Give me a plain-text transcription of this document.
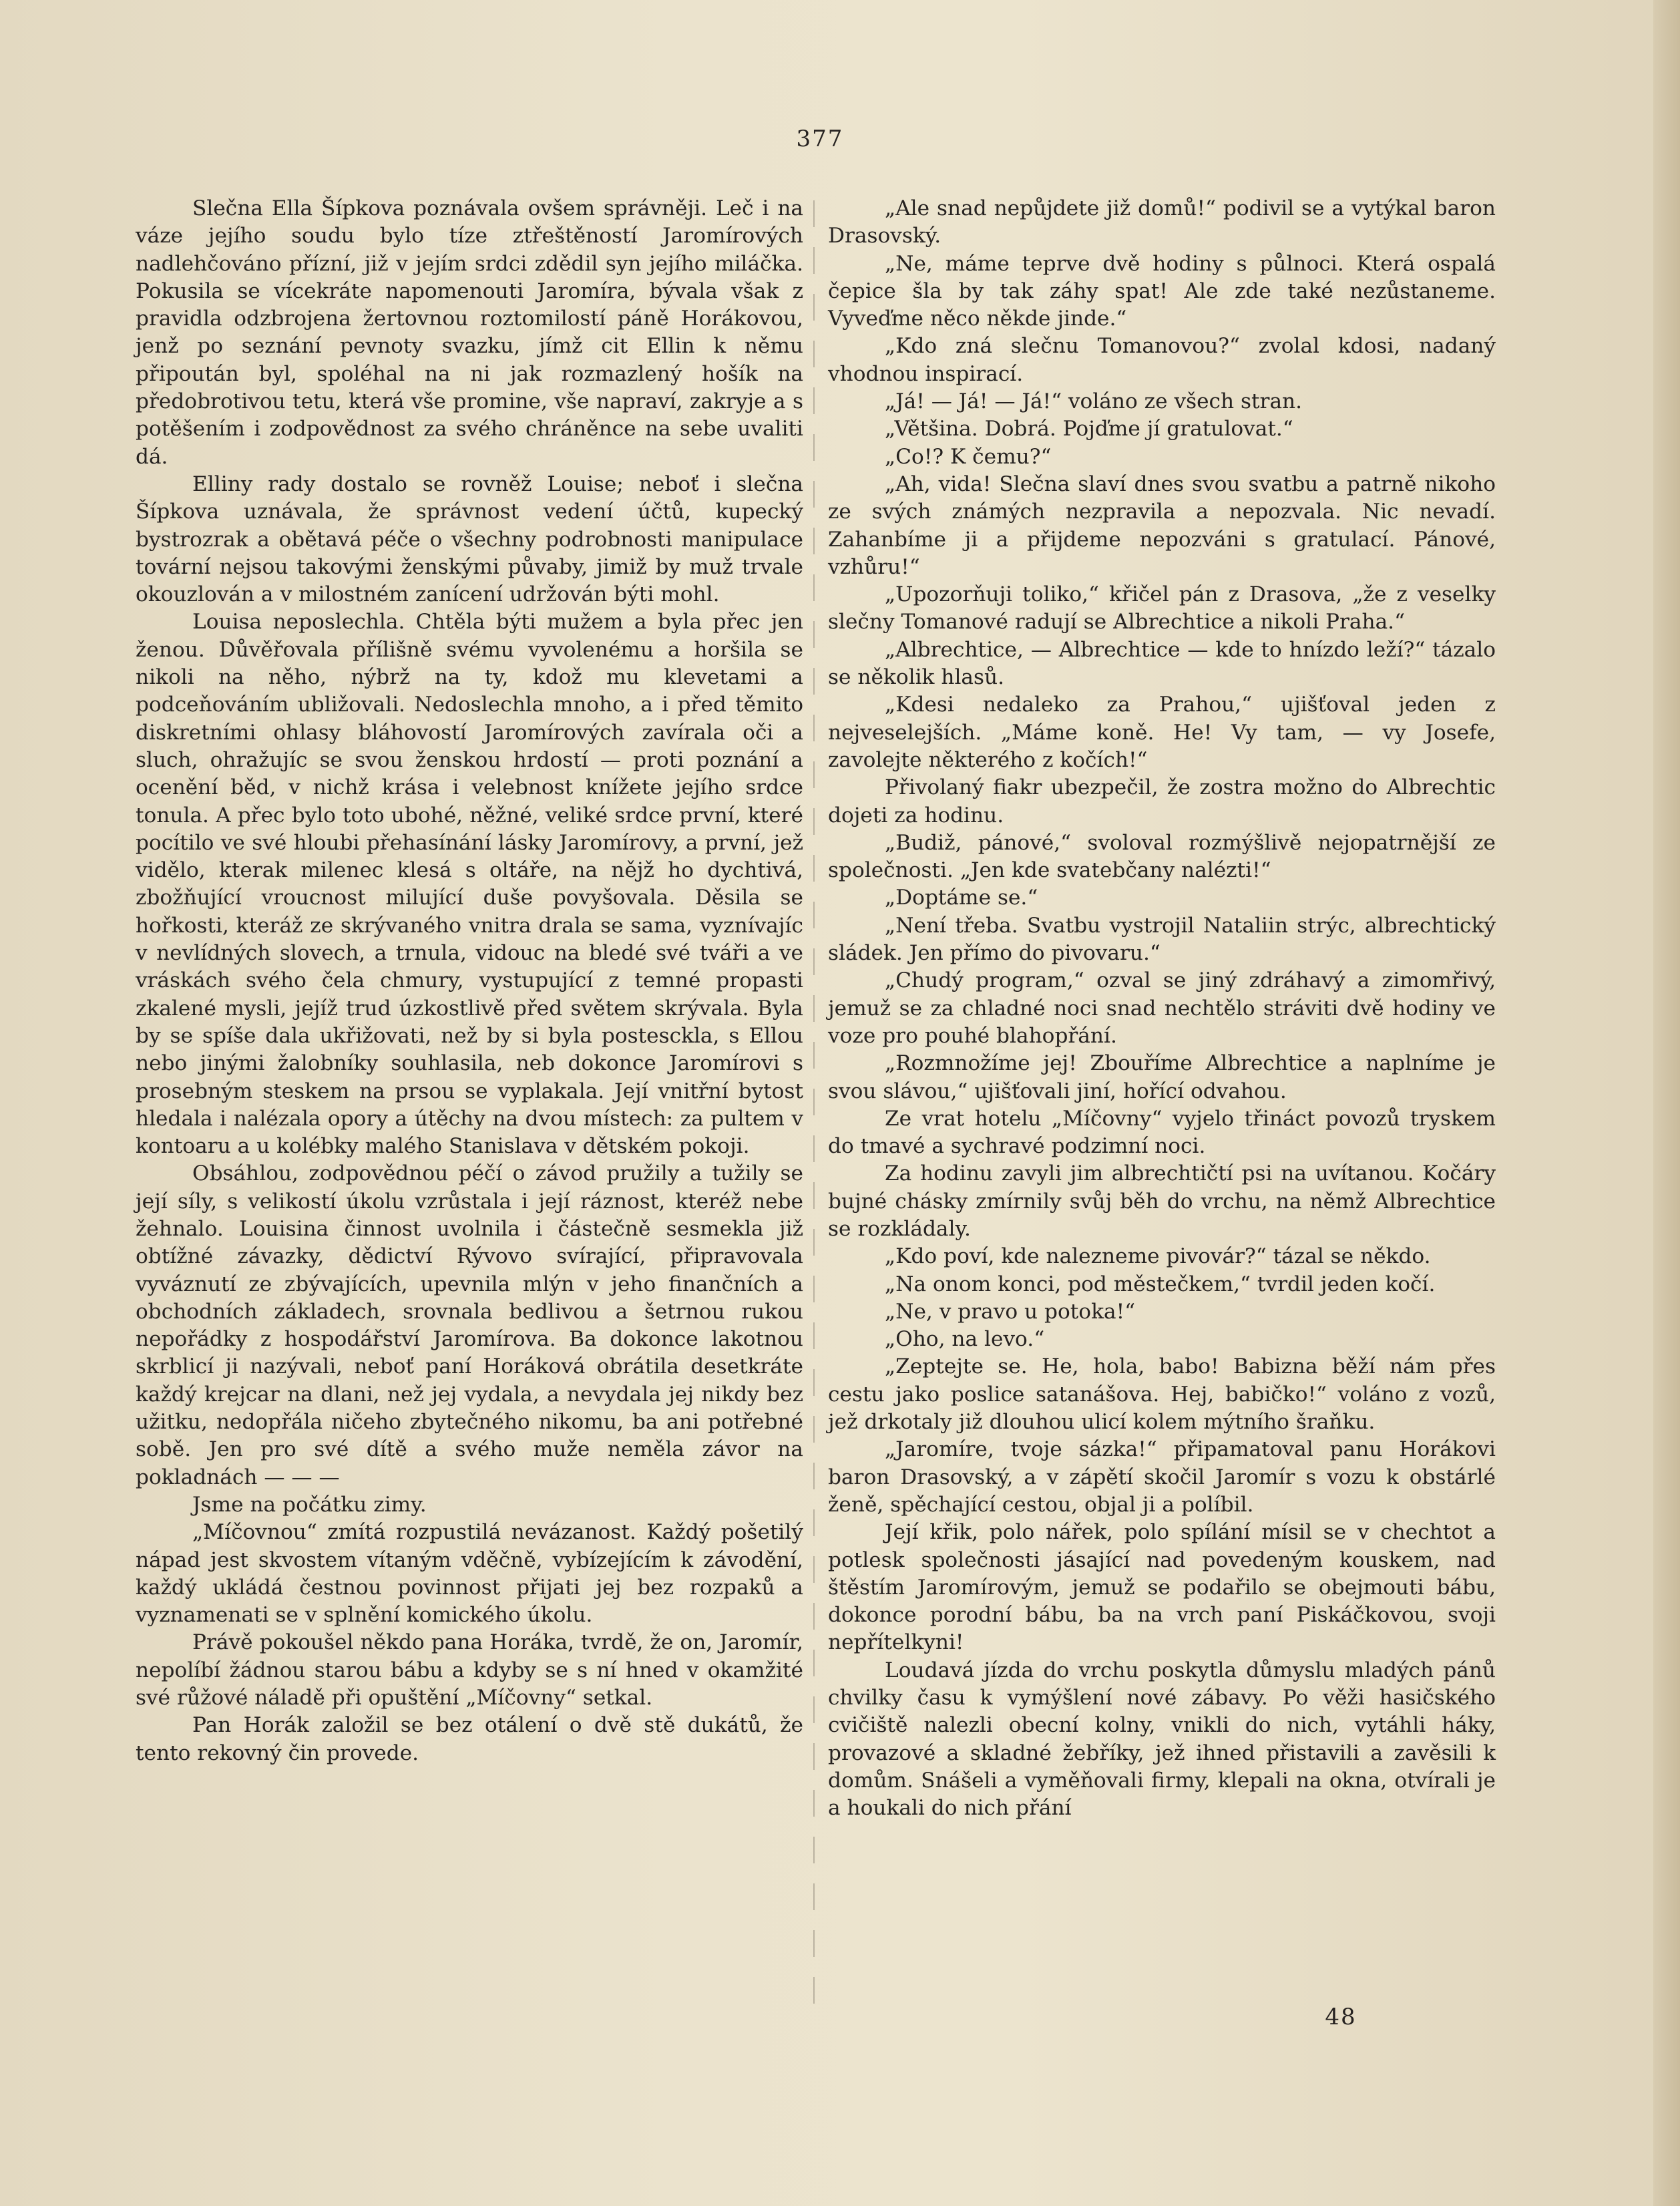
377

Slečna Ella Šípkova poznávala ovšem správněji. Leč i na váze jejího soudu bylo tíze ztřeštěností Jaromírových nadlehčováno přízní, již v jejím srdci zdědil syn jejího miláčka. Pokusila se vícekráte napomenouti Jaromíra, bývala však z pravidla odzbrojena žertovnou roztomilostí páně Horákovou, jenž po seznání pevnoty svazku, jímž cit Ellin k němu připoután byl, spoléhal na ni jak rozmazlený hošík na předobrotivou tetu, která vše promine, vše napraví, zakryje a s potěšením i zodpovědnost za svého chráněnce na sebe uvaliti dá.

Elliny rady dostalo se rovněž Louise; neboť i slečna Šípkova uznávala, že správnost vedení účtů, kupecký bystrozrak a obětavá péče o všechny podrobnosti manipulace tovární nejsou takovými ženskými půvaby, jimiž by muž trvale okouzlován a v milostném zanícení udržován býti mohl.

Louisa neposlechla. Chtěla býti mužem a byla přec jen ženou. Důvěřovala přílišně svému vyvolenému a horšila se nikoli na něho, nýbrž na ty, kdož mu klevetami a podceňováním ubližovali. Nedoslechla mnoho, a i před těmito diskretními ohlasy bláhovostí Jaromírových zavírala oči a sluch, ohražujíc se svou ženskou hrdostí — proti poznání a ocenění běd, v nichž krása i velebnost knížete jejího srdce tonula. A přec bylo toto ubohé, něžné, veliké srdce první, které pocítilo ve své hloubi přehasínání lásky Jaromírovy, a první, jež vidělo, kterak milenec klesá s oltáře, na nějž ho dychtivá, zbožňující vroucnost milující duše povyšovala. Děsila se hořkosti, kteráž ze skrývaného vnitra drala se sama, vyznívajíc v nevlídných slovech, a trnula, vidouc na bledé své tváři a ve vráskách svého čela chmury, vystupující z temné propasti zkalené mysli, jejíž trud úzkostlivě před světem skrývala. Byla by se spíše dala ukřižovati, než by si byla postesckla, s Ellou nebo jinými žalobníky souhlasila, neb dokonce Jaromírovi s prosebným steskem na prsou se vyplakala. Její vnitřní bytost hledala i nalézala opory a útěchy na dvou místech: za pultem v kontoaru a u kolébky malého Stanislava v dětském pokoji.

Obsáhlou, zodpovědnou péčí o závod pružily a tužily se její síly, s velikostí úkolu vzrůstala i její ráznost, kteréž nebe žehnalo. Louisina činnost uvolnila i částečně sesmekla již obtížné závazky, dědictví Rývovo svírající, připravovala vyváznutí ze zbývajících, upevnila mlýn v jeho finančních a obchodních základech, srovnala bedlivou a šetrnou rukou nepořádky z hospodářství Jaromírova. Ba dokonce lakotnou skrblicí ji nazývali, neboť paní Horáková obrátila desetkráte každý krejcar na dlani, než jej vydala, a nevydala jej nikdy bez užitku, nedopřála ničeho zbytečného nikomu, ba ani potřebné sobě. Jen pro své dítě a svého muže neměla závor na pokladnách — — —

Jsme na počátku zimy.

„Míčovnou“ zmítá rozpustilá nevázanost. Každý pošetilý nápad jest skvostem vítaným vděčně, vybízejícím k závodění, každý ukládá čestnou povinnost přijati jej bez rozpaků a vyznamenati se v splnění komického úkolu.

Právě pokoušel někdo pana Horáka, tvrdě, že on, Jaromír, nepolíbí žádnou starou bábu a kdyby se s ní hned v okamžité své růžové náladě při opuštění „Míčovny“ setkal.

Pan Horák založil se bez otálení o dvě stě dukátů, že tento rekovný čin provede.

„Ale snad nepůjdete již domů!“ podivil se a vytýkal baron Drasovský.

„Ne, máme teprve dvě hodiny s půlnoci. Která ospalá čepice šla by tak záhy spat! Ale zde také nezůstaneme. Vyveďme něco někde jinde.“

„Kdo zná slečnu Tomanovou?“ zvolal kdosi, nadaný vhodnou inspirací.

„Já! — Já! — Já!“ voláno ze všech stran.

„Většina. Dobrá. Pojďme jí gratulovat.“

„Co!? K čemu?“

„Ah, vida! Slečna slaví dnes svou svatbu a patrně nikoho ze svých známých nezpravila a nepozvala. Nic nevadí. Zahanbíme ji a přijdeme nepozváni s gratulací. Pánové, vzhůru!“

„Upozorňuji toliko,“ křičel pán z Drasova, „že z veselky slečny Tomanové radují se Albrechtice a nikoli Praha.“

„Albrechtice, — Albrechtice — kde to hnízdo leží?“ tázalo se několik hlasů.

„Kdesi nedaleko za Prahou,“ ujišťoval jeden z nejveselejších. „Máme koně. He! Vy tam, — vy Josefe, zavolejte některého z kočích!“

Přivolaný fiakr ubezpečil, že zostra možno do Albrechtic dojeti za hodinu.

„Budiž, pánové,“ svoloval rozmýšlivě nejopatrnější ze společnosti. „Jen kde svatebčany nalézti!“

„Doptáme se.“

„Není třeba. Svatbu vystrojil Nataliin strýc, albrechtický sládek. Jen přímo do pivovaru.“

„Chudý program,“ ozval se jiný zdráhavý a zimomřivý, jemuž se za chladné noci snad nechtělo stráviti dvě hodiny ve voze pro pouhé blahopřání.

„Rozmnožíme jej! Zbouříme Albrechtice a naplníme je svou slávou,“ ujišťovali jiní, hořící odvahou.

Ze vrat hotelu „Míčovny“ vyjelo třináct povozů tryskem do tmavé a sychravé podzimní noci.

Za hodinu zavyli jim albrechtičtí psi na uvítanou. Kočáry bujné chásky zmírnily svůj běh do vrchu, na němž Albrechtice se rozkládaly.

„Kdo poví, kde nalezneme pivovár?“ tázal se někdo.

„Na onom konci, pod městečkem,“ tvrdil jeden kočí.

„Ne, v pravo u potoka!“

„Oho, na levo.“

„Zeptejte se. He, hola, babo! Babizna běží nám přes cestu jako poslice satanášova. Hej, babičko!“ voláno z vozů, jež drkotaly již dlouhou ulicí kolem mýtního šraňku.

„Jaromíre, tvoje sázka!“ připamatoval panu Horákovi baron Drasovský, a v zápětí skočil Jaromír s vozu k obstárlé ženě, spěchající cestou, objal ji a políbil.

Její křik, polo nářek, polo spílání mísil se v chechtot a potlesk společnosti jásající nad povedeným kouskem, nad štěstím Jaromírovým, jemuž se podařilo se obejmouti bábu, dokonce porodní bábu, ba na vrch paní Piskáčkovou, svoji nepřítelkyni!

Loudavá jízda do vrchu poskytla důmyslu mladých pánů chvilky času k vymýšlení nové zábavy. Po věži hasičského cvičiště nalezli obecní kolny, vnikli do nich, vytáhli háky, provazové a skladné žebříky, jež ihned přistavili a zavěsili k domům. Snášeli a vyměňovali firmy, klepali na okna, otvírali je a houkali do nich přání

48
